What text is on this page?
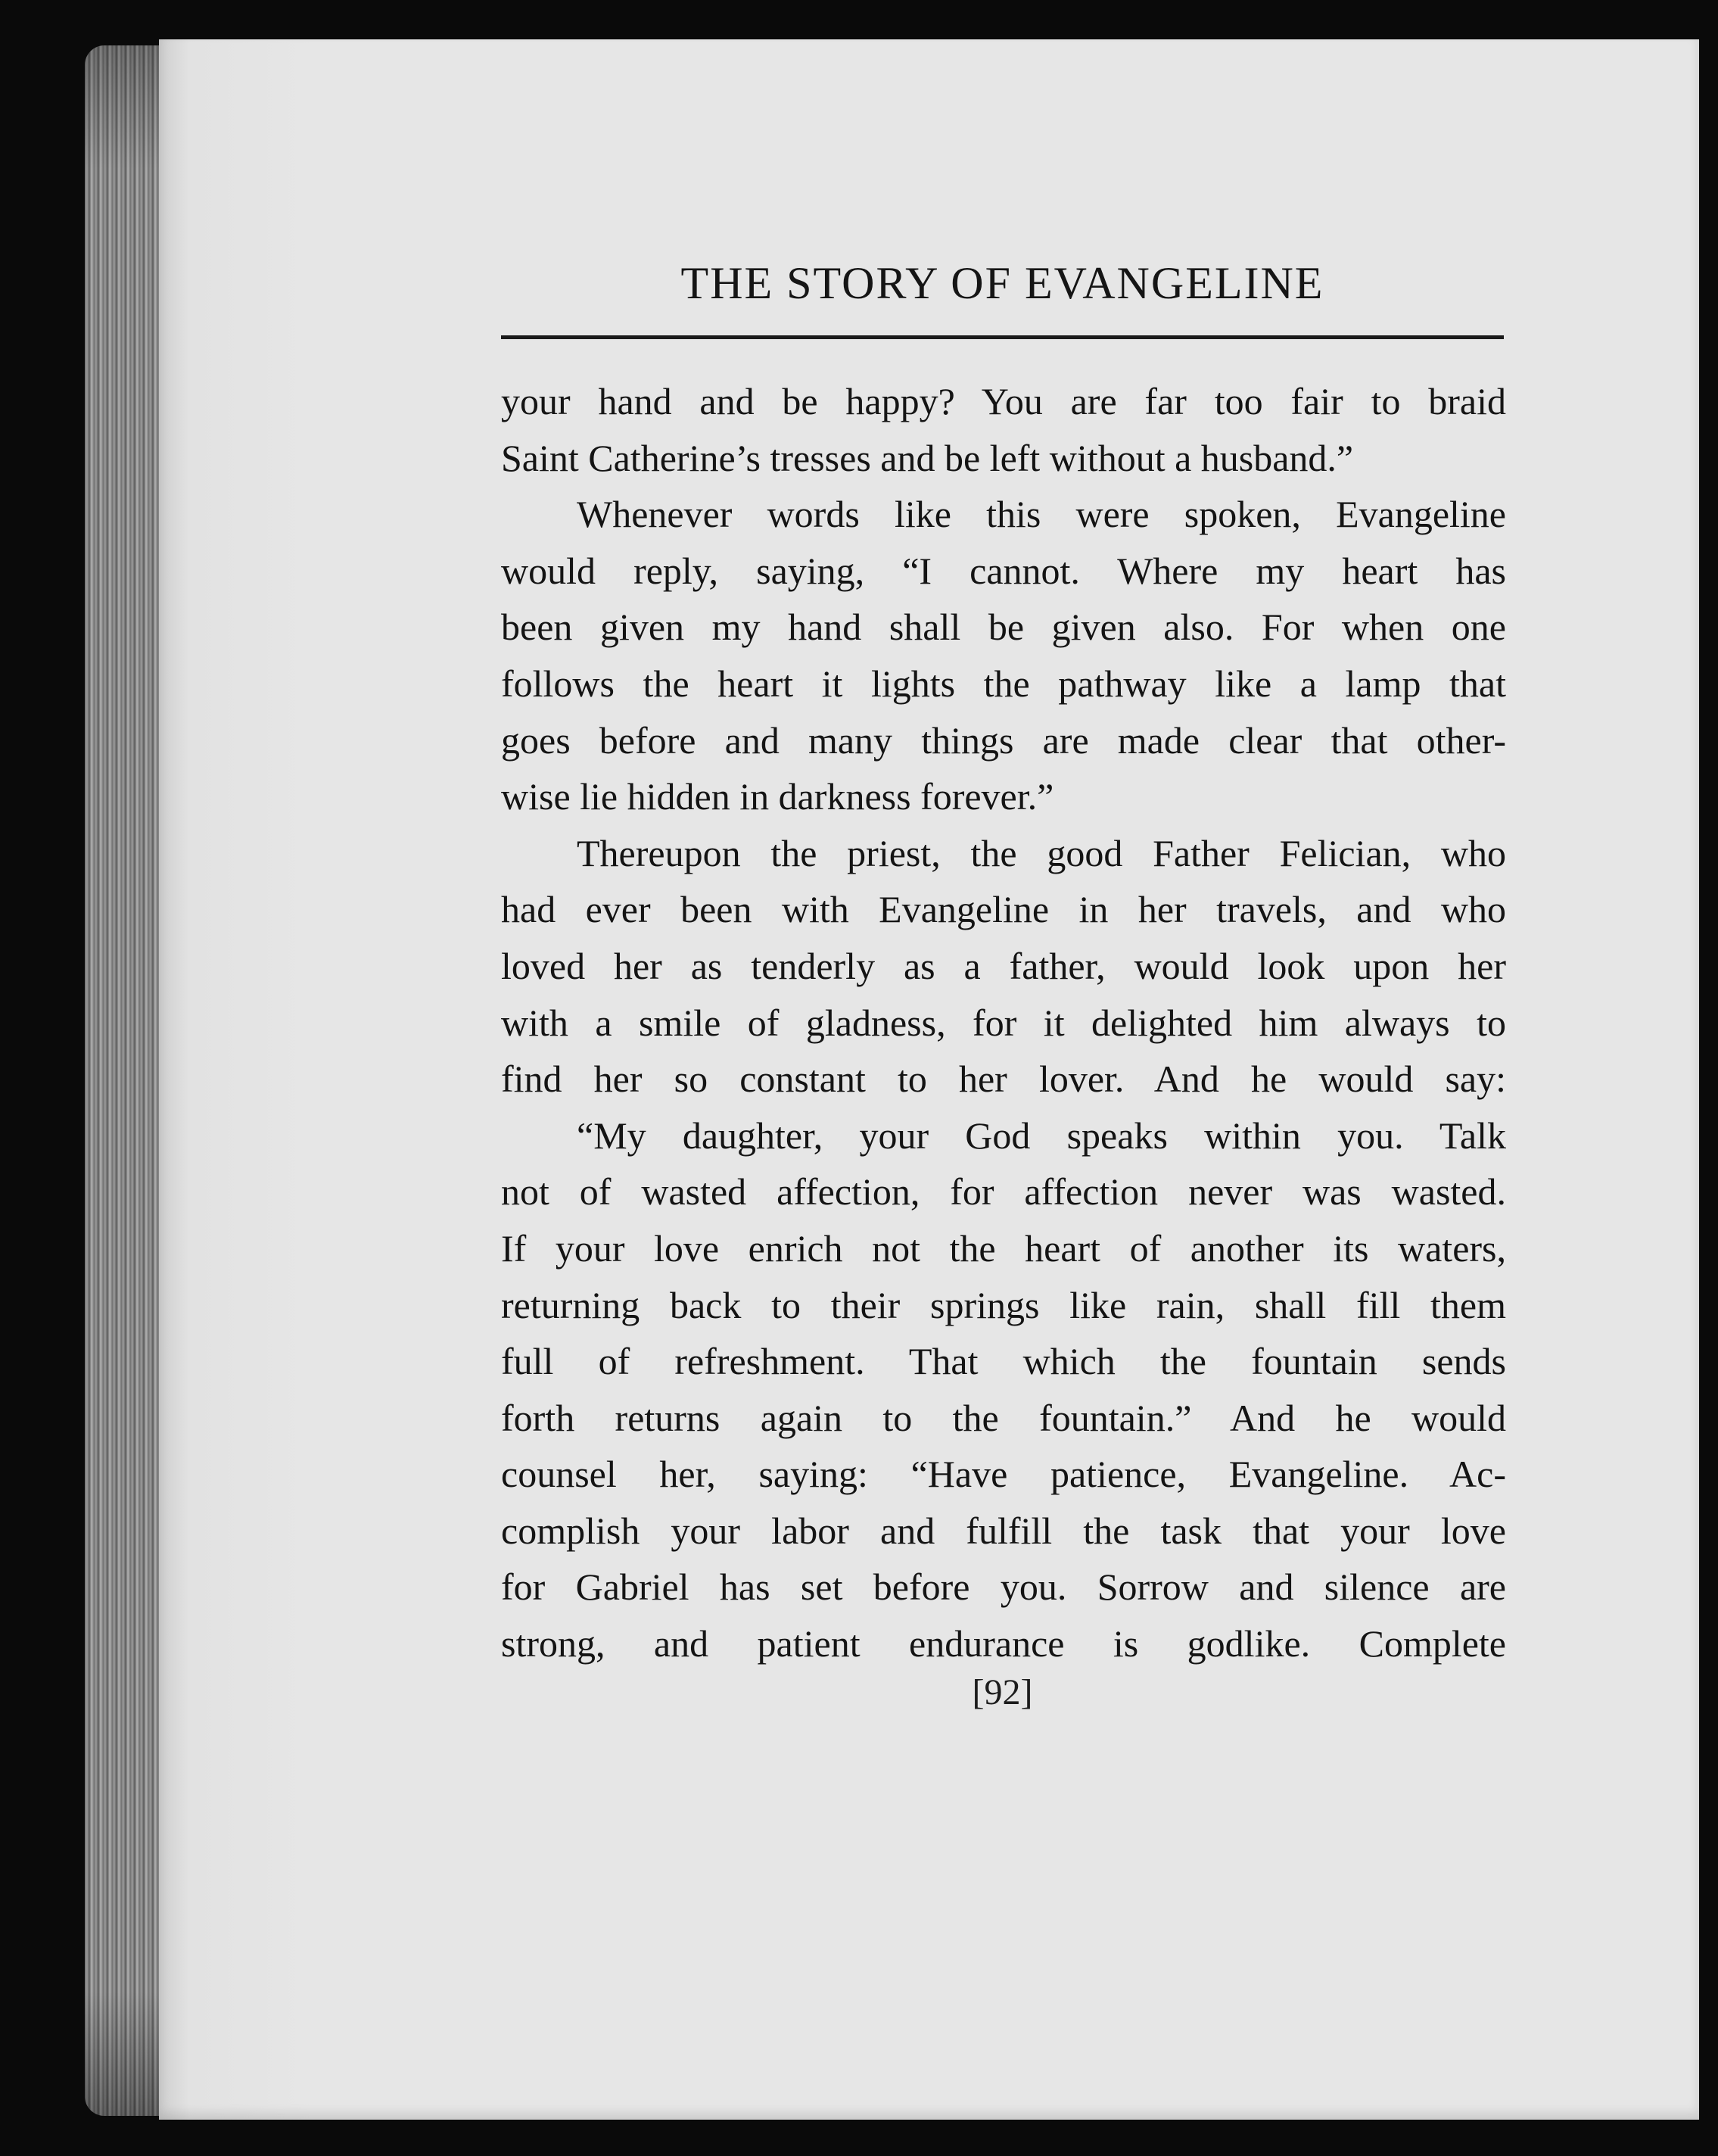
THE STORY OF EVANGELINE
your hand and be happy? You are far too fair to braid
Saint Catherine’s tresses and be left without a husband.”
Whenever words like this were spoken, Evangeline
would reply, saying, “I cannot. Where my heart has
been given my hand shall be given also. For when one
follows the heart it lights the pathway like a lamp that
goes before and many things are made clear that other-
wise lie hidden in darkness forever.”
Thereupon the priest, the good Father Felician, who
had ever been with Evangeline in her travels, and who
loved her as tenderly as a father, would look upon her
with a smile of gladness, for it delighted him always to
find her so constant to her lover. And he would say:
“My daughter, your God speaks within you. Talk
not of wasted affection, for affection never was wasted.
If your love enrich not the heart of another its waters,
returning back to their springs like rain, shall fill them
full of refreshment. That which the fountain sends
forth returns again to the fountain.” And he would
counsel her, saying: “Have patience, Evangeline. Ac-
complish your labor and fulfill the task that your love
for Gabriel has set before you. Sorrow and silence are
strong, and patient endurance is godlike. Complete
[92]
